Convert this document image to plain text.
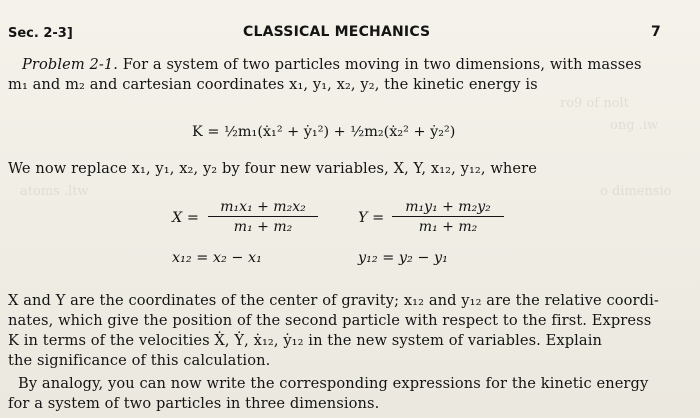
ro9 of nolt
ong .iw
atoms .ltw	o dimensio
Sec. 2-3]	CLASSICAL MECHANICS	7
Problem 2-1. For a system of two particles moving in two dimensions, with masses
m₁ and m₂ and cartesian coordinates x₁, y₁, x₂, y₂, the kinetic energy is
K = ½m₁(ẋ₁² + ẏ₁²) + ½m₂(ẋ₂² + ẏ₂²)
We now replace x₁, y₁, x₂, y₂ by four new variables, X, Y, x₁₂, y₁₂, where
X =
m₁x₁ + m₂x₂
m₁ + m₂
Y =
m₁y₁ + m₂y₂
m₁ + m₂
x₁₂ = x₂ − x₁	y₁₂ = y₂ − y₁
X and Y are the coordinates of the center of gravity; x₁₂ and y₁₂ are the relative coordi-
nates, which give the position of the second particle with respect to the first. Express
K in terms of the velocities Ẋ, Ẏ, ẋ₁₂, ẏ₁₂ in the new system of variables. Explain
the significance of this calculation.
By analogy, you can now write the corresponding expressions for the kinetic energy
for a system of two particles in three dimensions.
